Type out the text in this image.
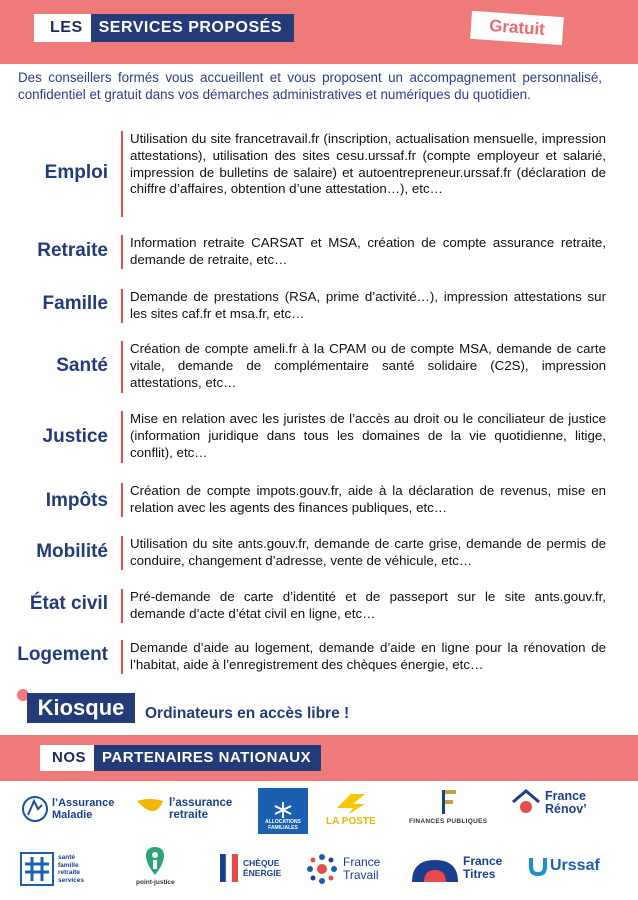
LES	SERVICES PROPOSÉS	Gratuit

Des conseillers formés vous accueillent et vous proposent un accompagnement personnalisé, confidentiel et gratuit dans vos démarches administratives et numériques du quotidien.

Emploi
Utilisation du site francetravail.fr (inscription, actualisation mensuelle, impression attestations), utilisation des sites cesu.urssaf.fr (compte employeur et salarié, impression de bulletins de salaire) et autoentrepreneur.urssaf.fr (déclaration de chiffre d’affaires, obtention d’une attestation…), etc…
Retraite Information retraite CARSAT et MSA, création de compte assurance retraite, demande de retraite, etc…
Famille Demande de prestations (RSA, prime d’activité…), impression attestations sur les sites caf.fr et msa.fr, etc…
Santé
Création de compte ameli.fr à la CPAM ou de compte MSA, demande de carte vitale, demande de complémentaire santé solidaire (C2S), impression attestations, etc…
Justice
Mise en relation avec les juristes de l’accès au droit ou le conciliateur de justice (information juridique dans tous les domaines de la vie quotidienne, litige, conflit), etc…
Impôts Création de compte impots.gouv.fr, aide à la déclaration de revenus, mise en relation avec les agents des finances publiques, etc…
Mobilité Utilisation du site ants.gouv.fr, demande de carte grise, demande de permis de conduire, changement d’adresse, vente de véhicule, etc…
État civil Pré-demande de carte d’identité et de passeport sur le site ants.gouv.fr, demande d’acte d’état civil en ligne, etc…
Logement Demande d’aide au logement, demande d’aide en ligne pour la rénovation de l’habitat, aide à l’enregistrement des chèques énergie, etc…
Kiosque	Ordinateurs en accès libre !
NOS	PARTENAIRES NATIONAUX
l’Assurance
Maladie
l’assurance
retraite
ALLOCATIONS
FAMILIALES
LA POSTE	FINANCES PUBLIQUES
France
Rénov’
santé
famille
retraite
services	point-justice
CHÈQUE
ÉNERGIE
France
Travail
France
Titres	Urssaf
